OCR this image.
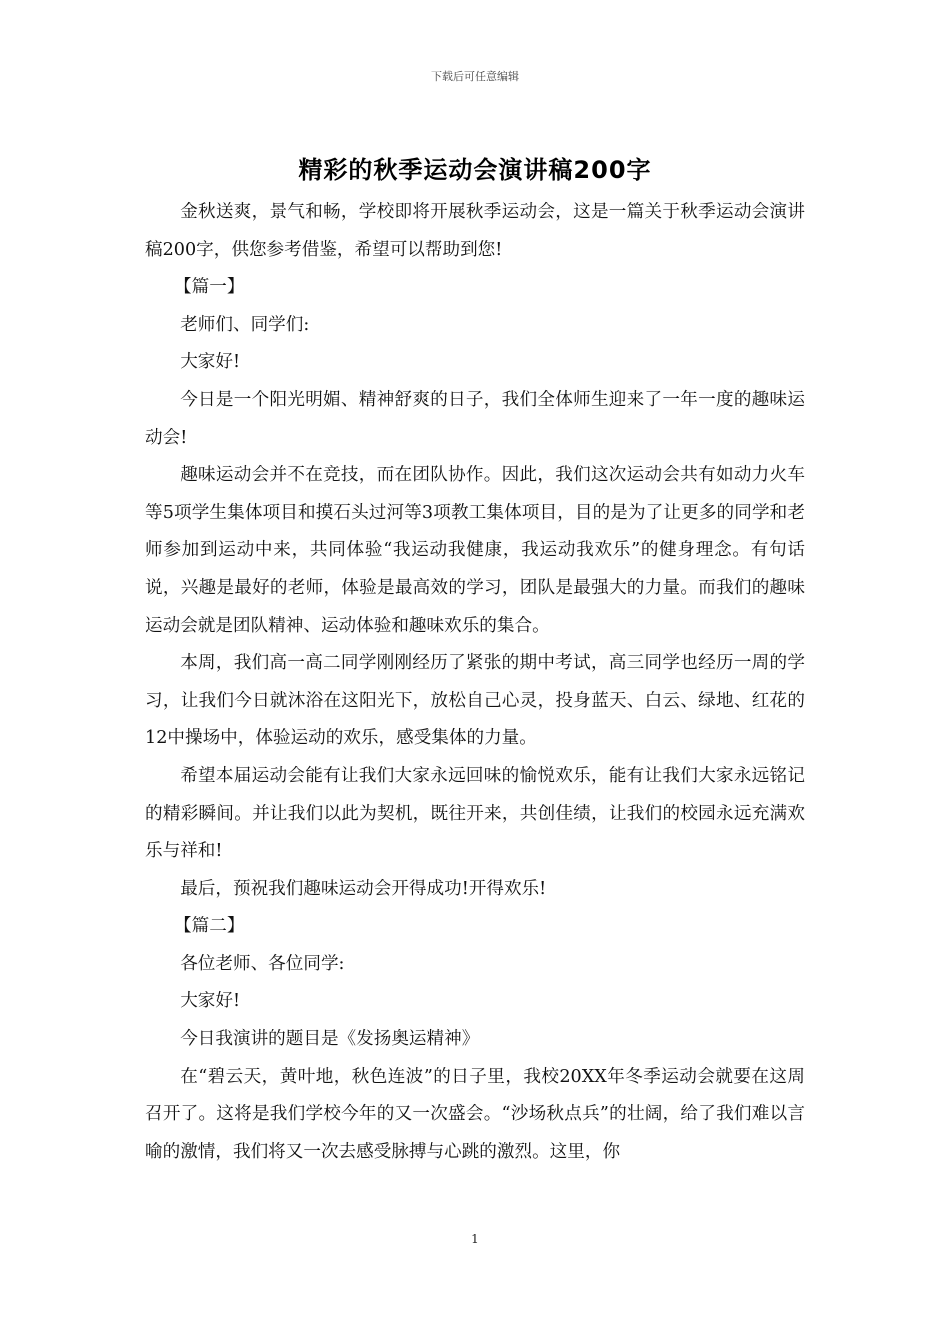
下载后可任意编辑
精彩的秋季运动会演讲稿200字

金秋送爽，景气和畅，学校即将开展秋季运动会，这是一篇关于秋季运动会演讲稿200字，供您参考借鉴，希望可以帮助到您!

【篇一】

老师们、同学们:

大家好!

今日是一个阳光明媚、精神舒爽的日子，我们全体师生迎来了一年一度的趣味运动会!

趣味运动会并不在竞技，而在团队协作。因此，我们这次运动会共有如动力火车等5项学生集体项目和摸石头过河等3项教工集体项目，目的是为了让更多的同学和老师参加到运动中来，共同体验“我运动我健康，我运动我欢乐”的健身理念。有句话说，兴趣是最好的老师，体验是最高效的学习，团队是最强大的力量。而我们的趣味运动会就是团队精神、运动体验和趣味欢乐的集合。

本周，我们高一高二同学刚刚经历了紧张的期中考试，高三同学也经历一周的学习，让我们今日就沐浴在这阳光下，放松自己心灵，投身蓝天、白云、绿地、红花的12中操场中，体验运动的欢乐，感受集体的力量。

希望本届运动会能有让我们大家永远回味的愉悦欢乐，能有让我们大家永远铭记的精彩瞬间。并让我们以此为契机，既往开来，共创佳绩，让我们的校园永远充满欢乐与祥和!

最后，预祝我们趣味运动会开得成功!开得欢乐!

【篇二】

各位老师、各位同学:

大家好!

今日我演讲的题目是《发扬奥运精神》

在“碧云天，黄叶地，秋色连波”的日子里，我校20XX年冬季运动会就要在这周召开了。这将是我们学校今年的又一次盛会。“沙场秋点兵”的壮阔，给了我们难以言喻的激情，我们将又一次去感受脉搏与心跳的激烈。这里，你

1
